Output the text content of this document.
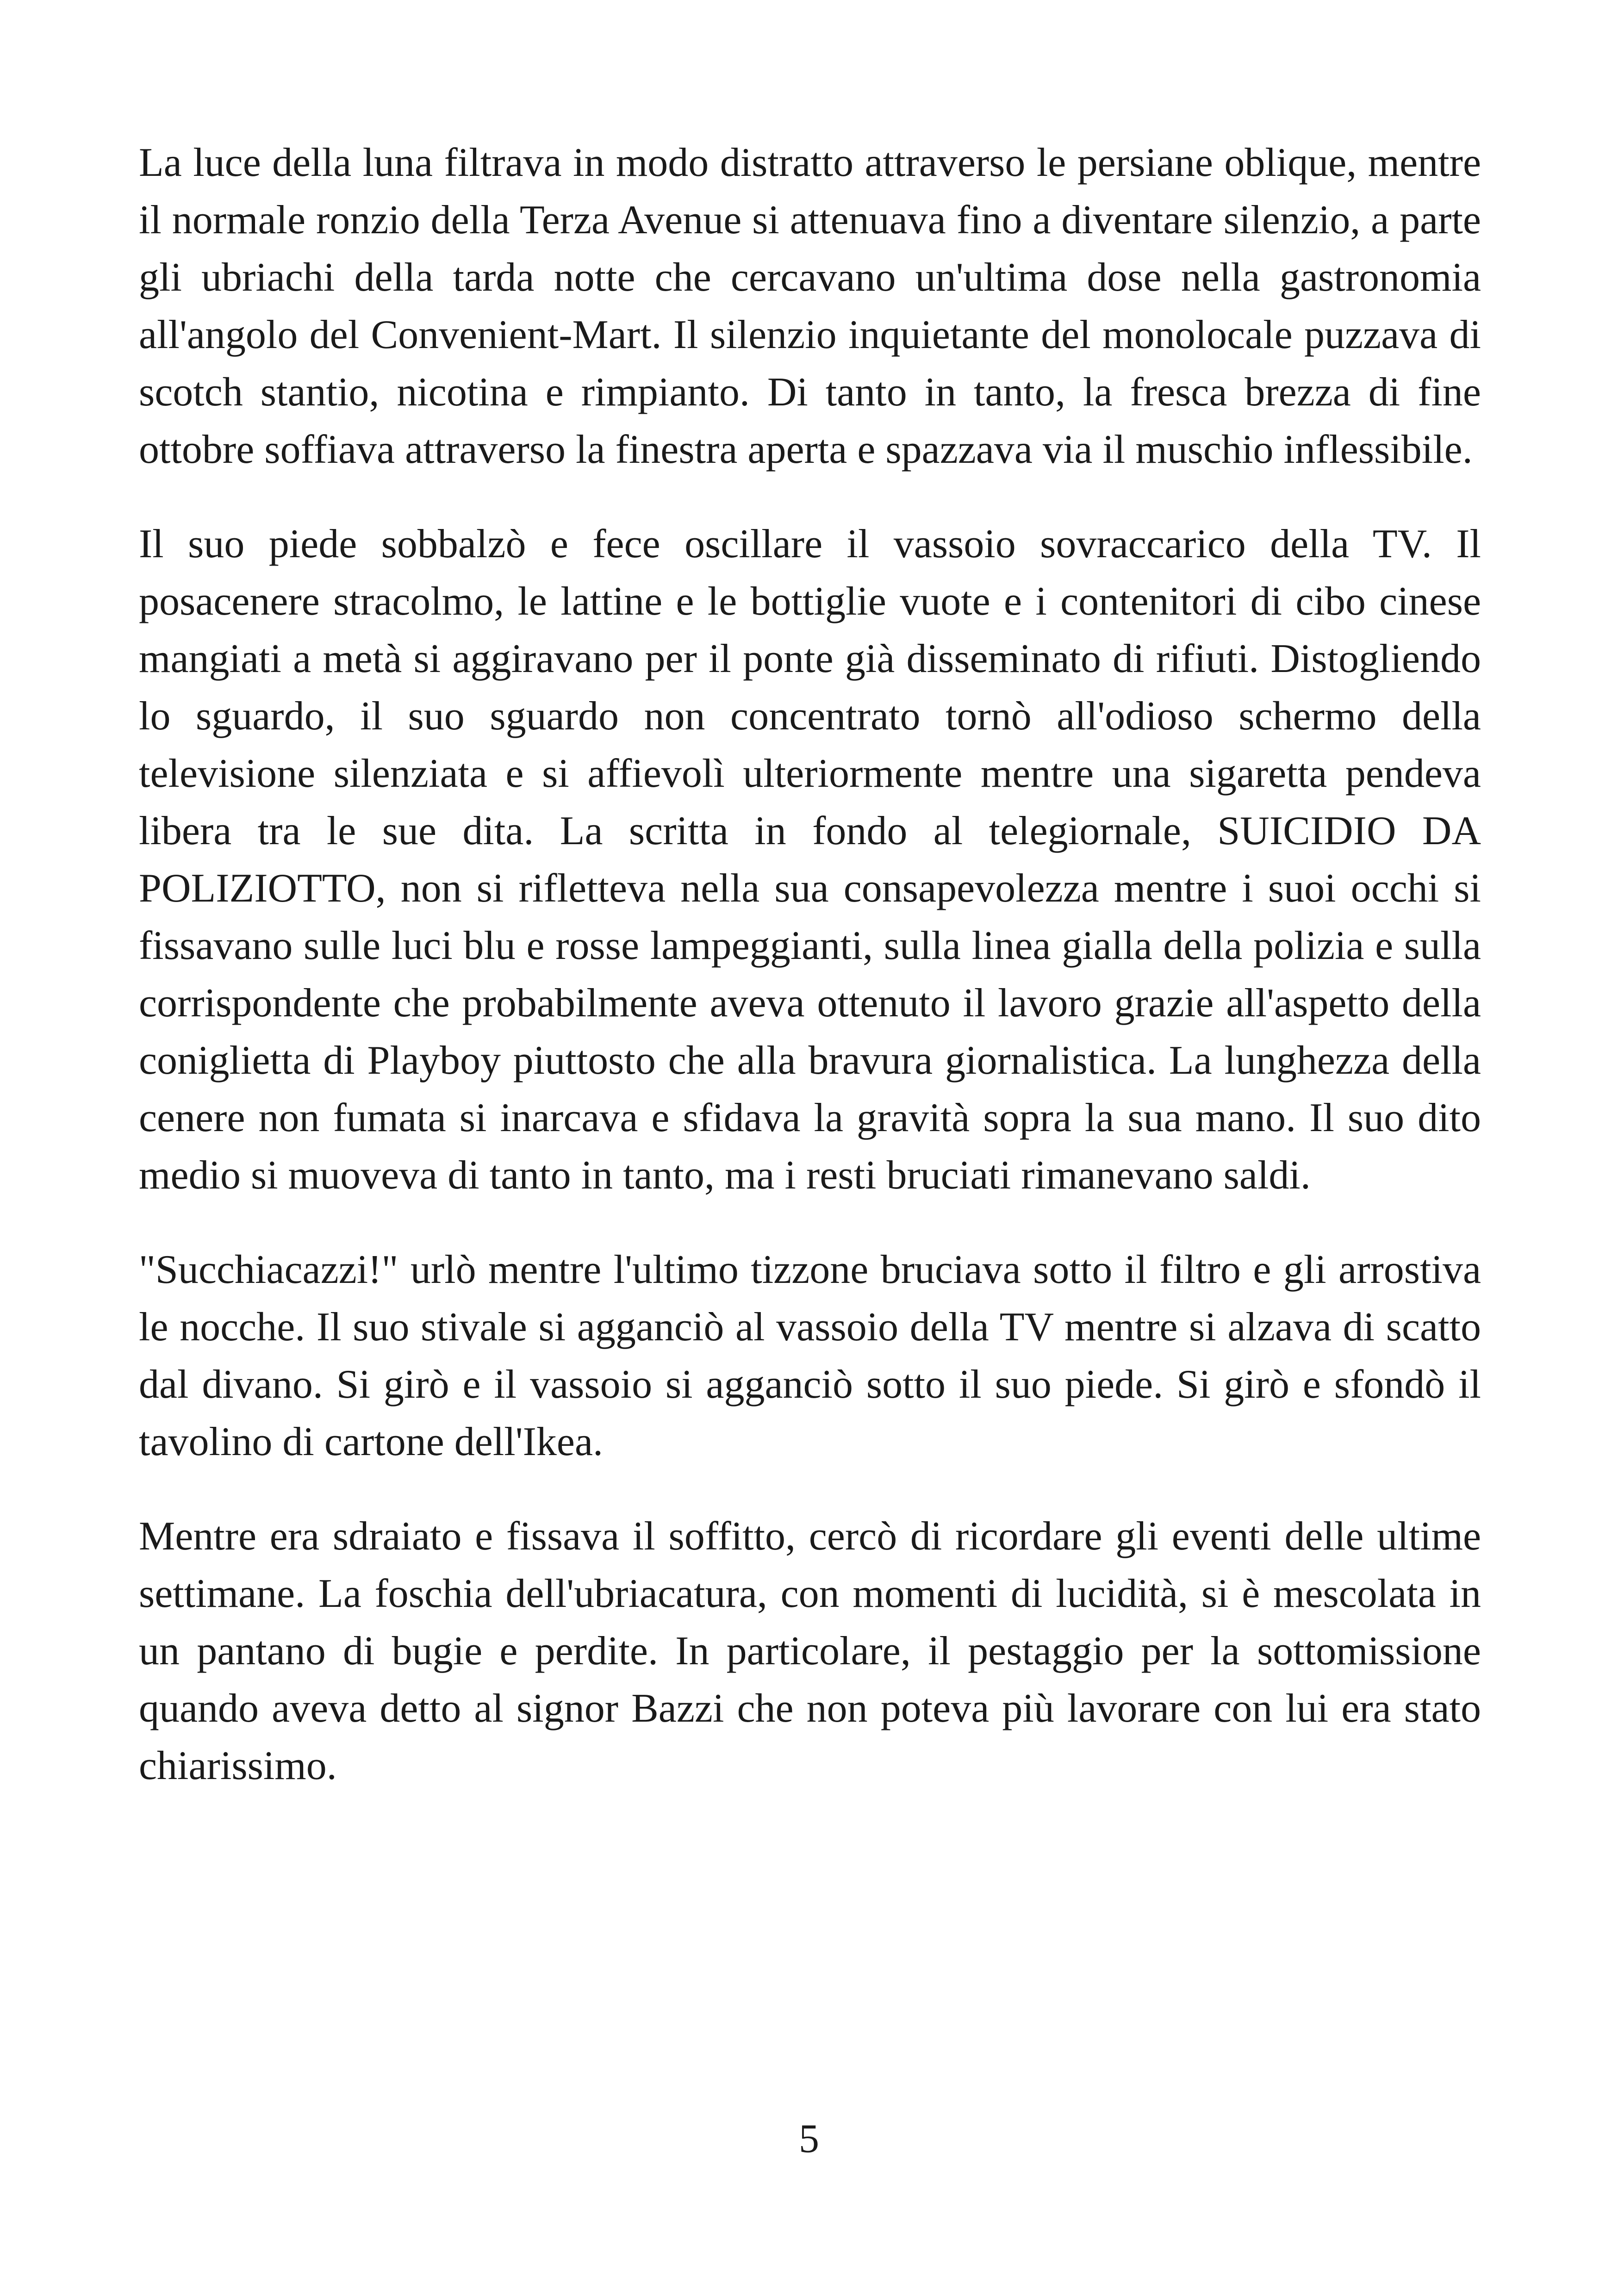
La luce della luna filtrava in modo distratto attraverso le persiane oblique, mentre il normale ronzio della Terza Avenue si attenuava fino a diventare silenzio, a parte gli ubriachi della tarda notte che cercavano un'ultima dose nella gastronomia all'angolo del Convenient-Mart. Il silenzio inquietante del monolocale puzzava di scotch stantio, nicotina e rimpianto. Di tanto in tanto, la fresca brezza di fine ottobre soffiava attraverso la finestra aperta e spazzava via il muschio inflessibile.

Il suo piede sobbalzò e fece oscillare il vassoio sovraccarico della TV. Il posacenere stracolmo, le lattine e le bottiglie vuote e i contenitori di cibo cinese mangiati a metà si aggiravano per il ponte già disseminato di rifiuti. Distogliendo lo sguardo, il suo sguardo non concentrato tornò all'odioso schermo della televisione silenziata e si affievolì ulteriormente mentre una sigaretta pendeva libera tra le sue dita. La scritta in fondo al telegiornale, SUICIDIO DA POLIZIOTTO, non si rifletteva nella sua consapevolezza mentre i suoi occhi si fissavano sulle luci blu e rosse lampeggianti, sulla linea gialla della polizia e sulla corrispondente che probabilmente aveva ottenuto il lavoro grazie all'aspetto della coniglietta di Playboy piuttosto che alla bravura giornalistica. La lunghezza della cenere non fumata si inarcava e sfidava la gravità sopra la sua mano. Il suo dito medio si muoveva di tanto in tanto, ma i resti bruciati rimanevano saldi.

"Succhiacazzi!" urlò mentre l'ultimo tizzone bruciava sotto il filtro e gli arrostiva le nocche. Il suo stivale si agganciò al vassoio della TV mentre si alzava di scatto dal divano. Si girò e il vassoio si agganciò sotto il suo piede. Si girò e sfondò il tavolino di cartone dell'Ikea.

Mentre era sdraiato e fissava il soffitto, cercò di ricordare gli eventi delle ultime settimane. La foschia dell'ubriacatura, con momenti di lucidità, si è mescolata in un pantano di bugie e perdite. In particolare, il pestaggio per la sottomissione quando aveva detto al signor Bazzi che non poteva più lavorare con lui era stato chiarissimo.

5
